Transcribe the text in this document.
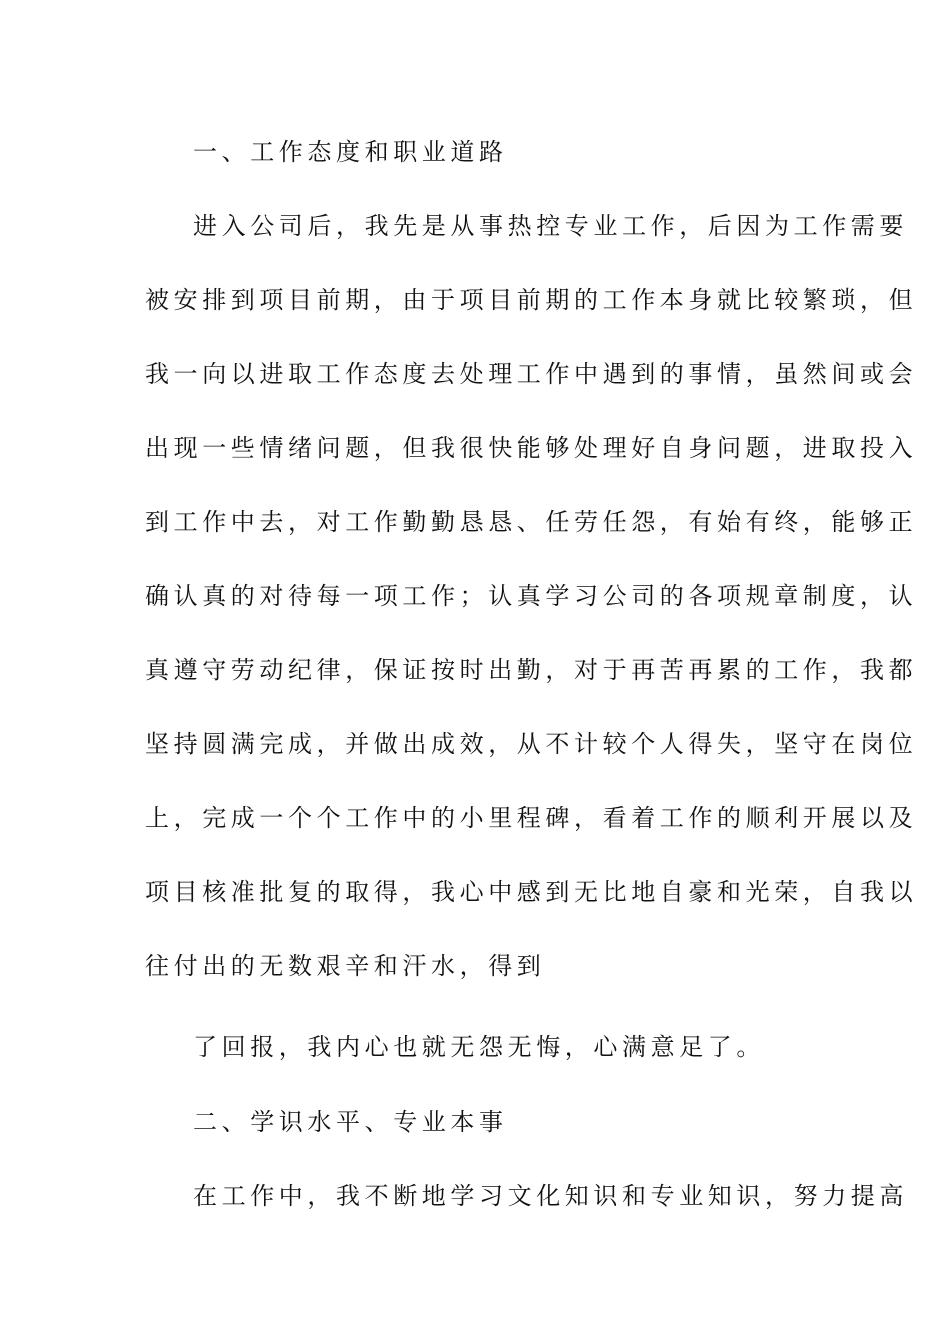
一、工作态度和职业道路

进入公司后，我先是从事热控专业工作，后因为工作需要

被安排到项目前期，由于项目前期的工作本身就比较繁琐，但

我一向以进取工作态度去处理工作中遇到的事情，虽然间或会

出现一些情绪问题，但我很快能够处理好自身问题，进取投入

到工作中去，对工作勤勤恳恳、任劳任怨，有始有终，能够正

确认真的对待每一项工作；认真学习公司的各项规章制度，认

真遵守劳动纪律，保证按时出勤，对于再苦再累的工作，我都

坚持圆满完成，并做出成效，从不计较个人得失，坚守在岗位

上，完成一个个工作中的小里程碑，看着工作的顺利开展以及

项目核准批复的取得，我心中感到无比地自豪和光荣，自我以

往付出的无数艰辛和汗水，得到

了回报，我内心也就无怨无悔，心满意足了。

二、学识水平、专业本事

在工作中，我不断地学习文化知识和专业知识，努力提高
